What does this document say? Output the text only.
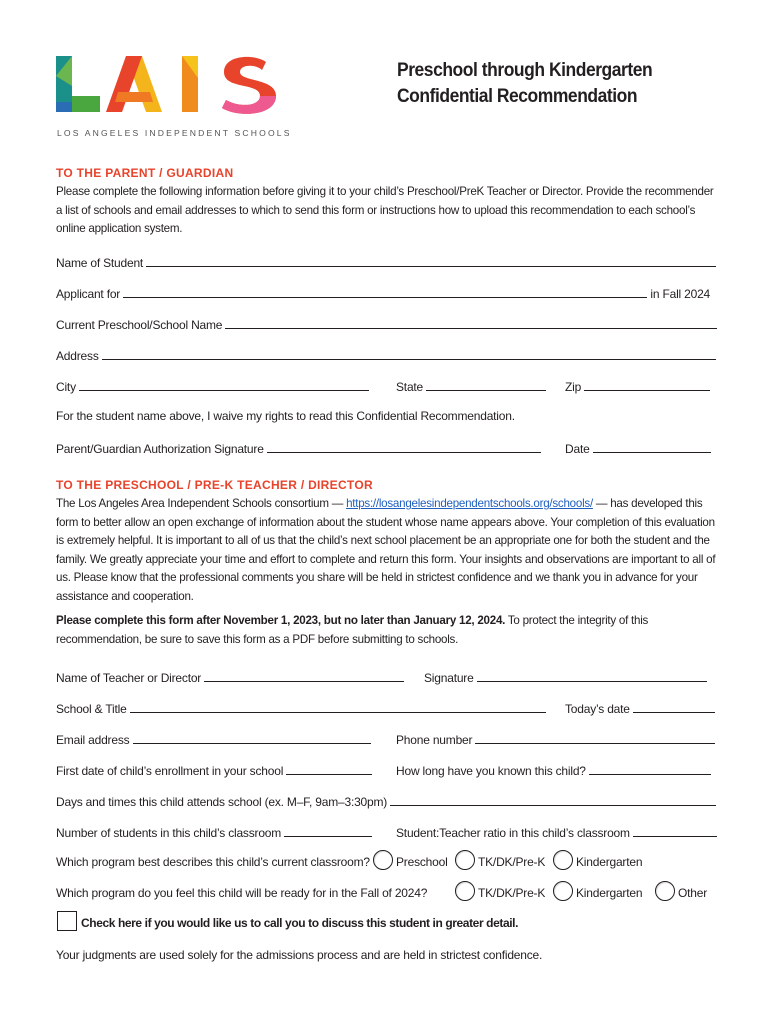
LOS ANGELES INDEPENDENT SCHOOLS
Preschool through Kindergarten
Confidential Recommendation
TO THE PARENT / GUARDIAN
Please complete the following information before giving it to your child’s Preschool/PreK Teacher or Director. Provide the recommender a list of schools and email addresses to which to send this form or instructions how to upload this recommendation to each school’s online application system.
Name of Student
Applicant for	in Fall 2024
Current Preschool/School Name
Address
City	State	Zip
For the student name above, I waive my rights to read this Confidential Recommendation.
Parent/Guardian Authorization Signature	Date
TO THE PRESCHOOL / PRE-K TEACHER / DIRECTOR
The Los Angeles Area Independent Schools consortium — https://losangelesindependentschools.org/schools/ — has developed this form to better allow an open exchange of information about the student whose name appears above. Your completion of this evaluation is extremely helpful. It is important to all of us that the child’s next school placement be an appropriate one for both the student and the family. We greatly appreciate your time and effort to complete and return this form. Your insights and observations are important to all of us. Please know that the professional comments you share will be held in strictest confidence and we thank you in advance for your assistance and cooperation.
Please complete this form after November 1, 2023, but no later than January 12, 2024. To protect the integrity of this recommendation, be sure to save this form as a PDF before submitting to schools.
Name of Teacher or Director	Signature
School & Title	Today’s date
Email address	Phone number
First date of child’s enrollment in your school	How long have you known this child?
Days and times this child attends school (ex. M–F, 9am–3:30pm)
Number of students in this child’s classroom	Student:Teacher ratio in this child’s classroom
Which program best describes this child’s current classroom? Preschool	TK/DK/Pre-K	Kindergarten
Which program do you feel this child will be ready for in the Fall of 2024?	TK/DK/Pre-K	Kindergarten	Other
Check here if you would like us to call you to discuss this student in greater detail.
Your judgments are used solely for the admissions process and are held in strictest confidence.
